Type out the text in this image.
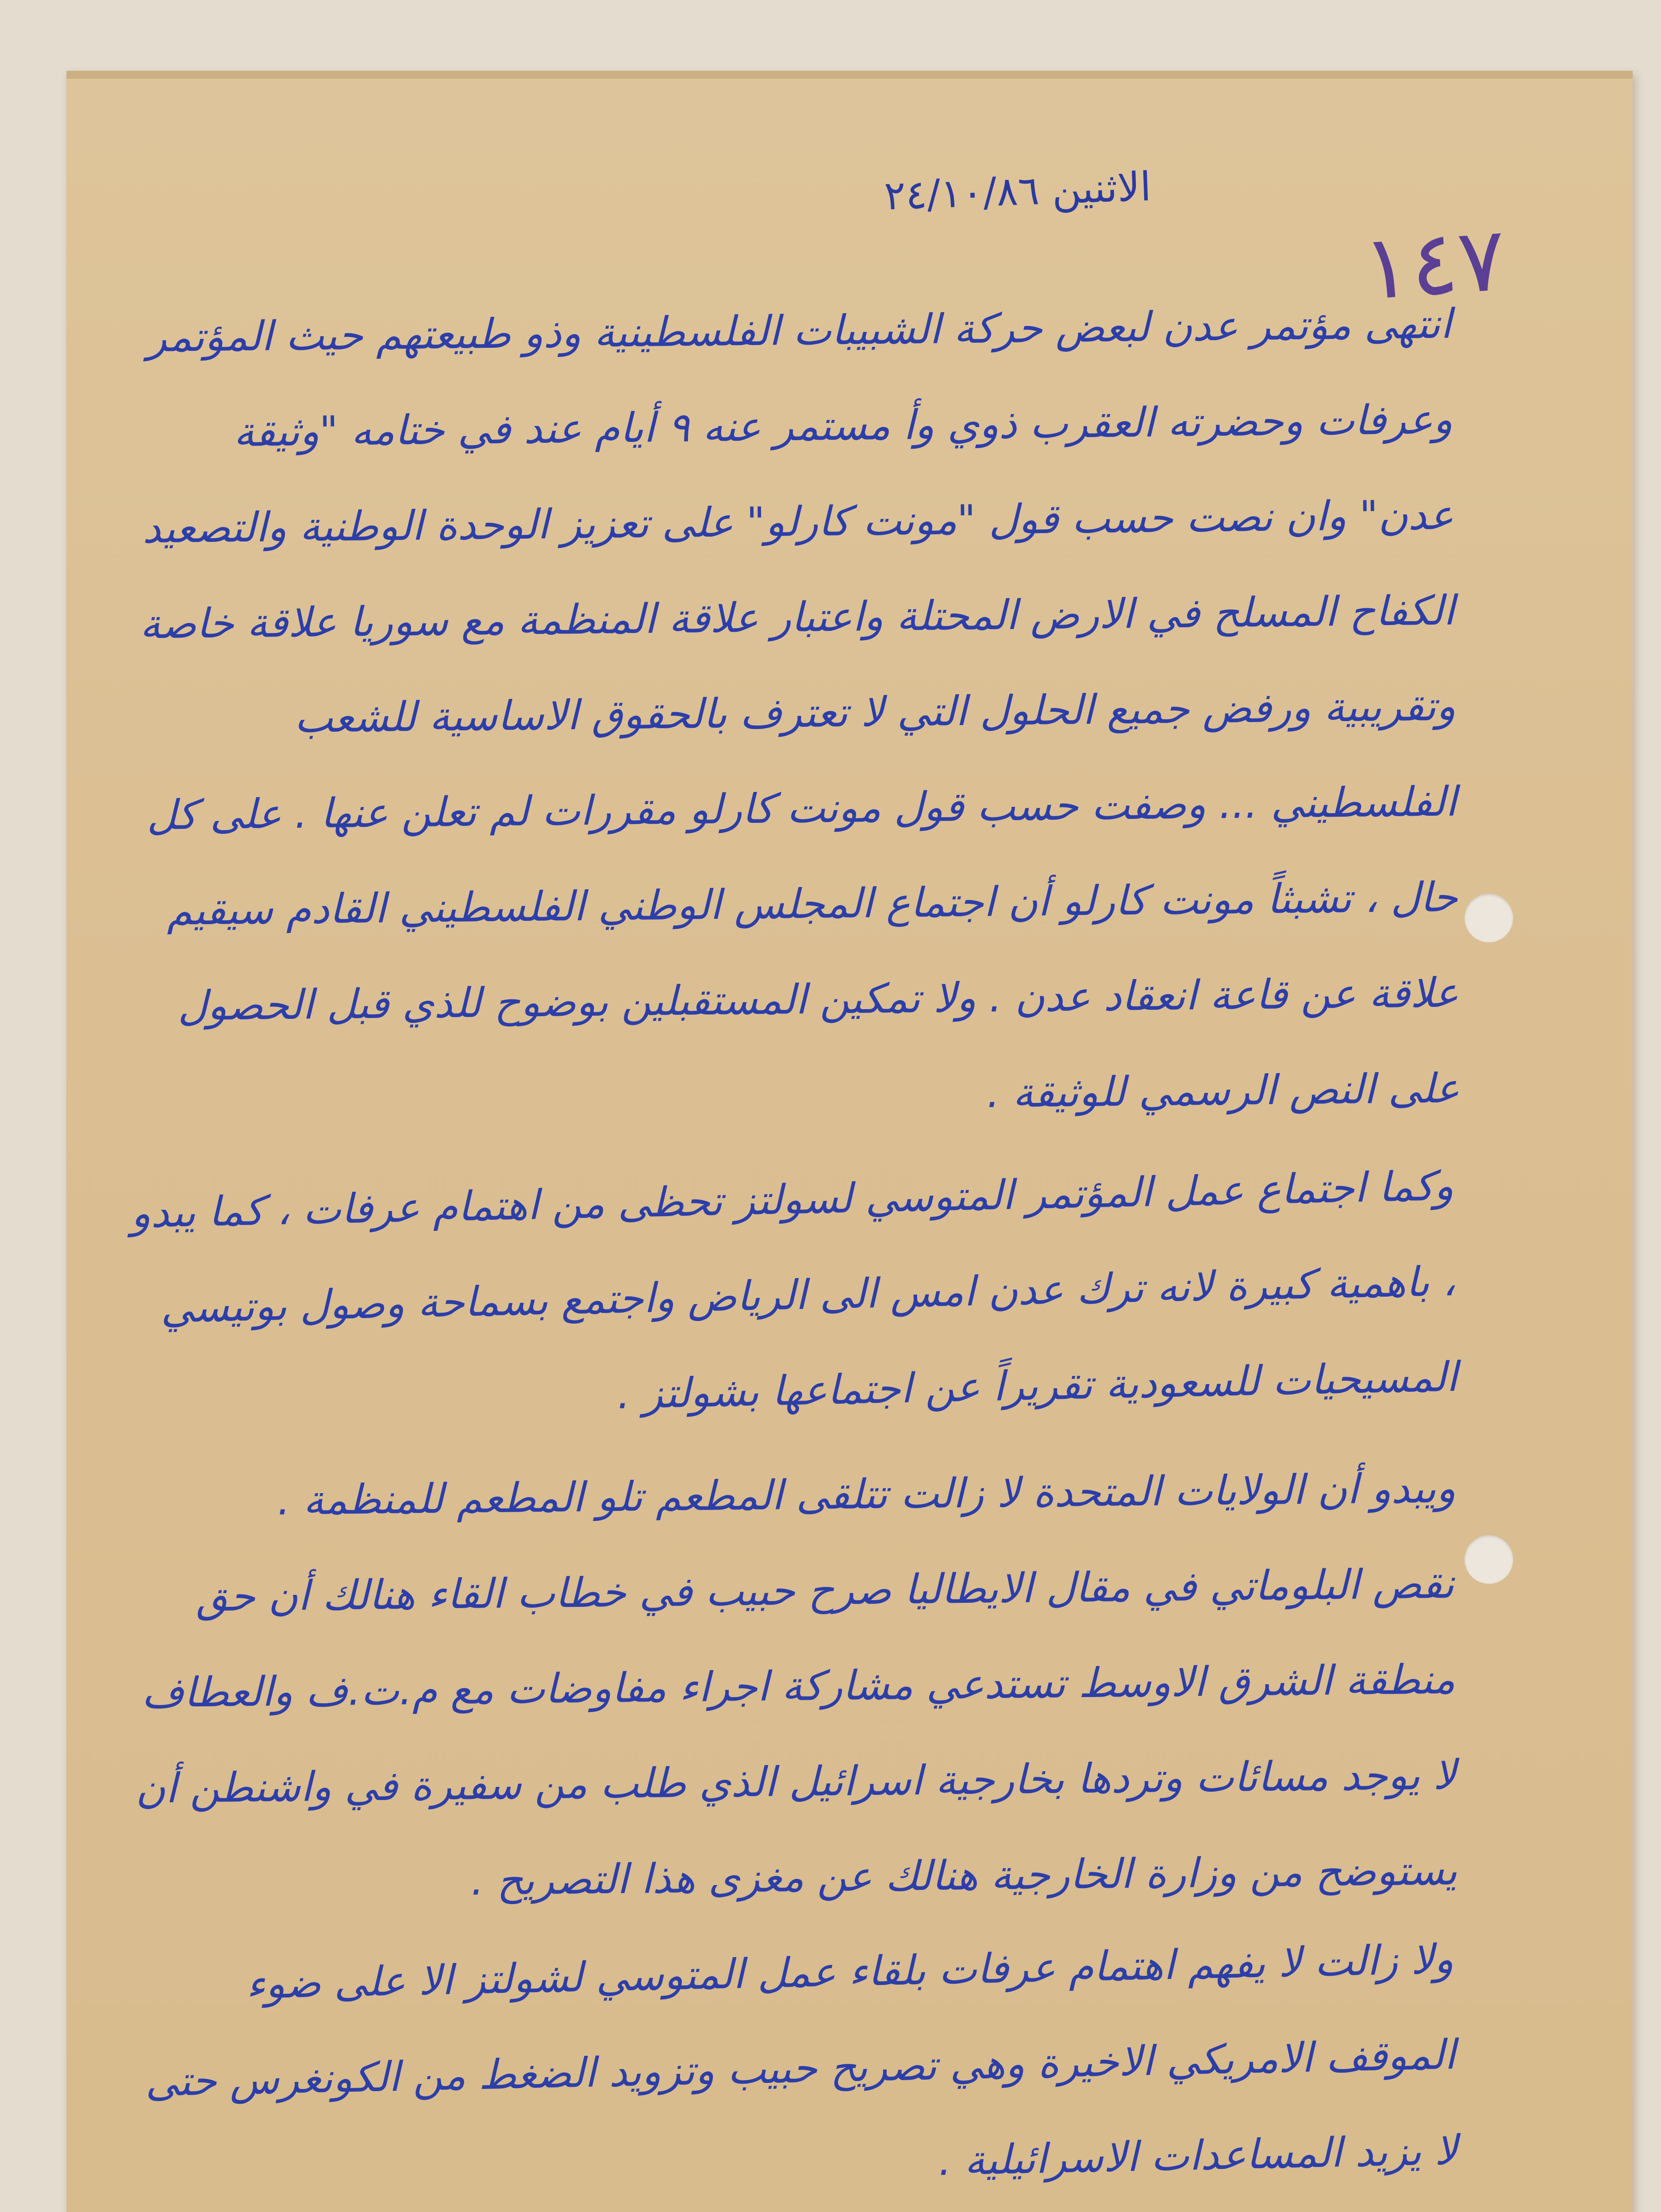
١٤٧
الاثنين ٢٤/١٠/٨٦

انتهى مؤتمر عدن لبعض حركة الشبيبات الفلسطينية وذو طبيعتهم حيث المؤتمر وعرفات وحضرته العقرب ذوي وأ مستمر عنه ٩ أيام عند في ختامه "وثيقة عدن" وان نصت حسب قول "مونت كارلو" على تعزيز الوحدة الوطنية والتصعيد الكفاح المسلح في الارض المحتلة واعتبار علاقة المنظمة مع سوريا علاقة خاصة وتقريبية ورفض جميع الحلول التي لا تعترف بالحقوق الاساسية للشعب الفلسطيني ... وصفت حسب قول مونت كارلو مقررات لم تعلن عنها . على كل حال ، تشبثاً مونت كارلو أن اجتماع المجلس الوطني الفلسطيني القادم سيقيم علاقة عن قاعة انعقاد عدن . ولا تمكين المستقبلين بوضوح للذي قبل الحصول على النص الرسمي للوثيقة .

وكما اجتماع عمل المؤتمر المتوسي لسولتز تحظى من اهتمام عرفات ، كما يبدو ، باهمية كبيرة لانه ترك عدن امس الى الرياض واجتمع بسماحة وصول بوتيسي المسيحيات للسعودية تقريراً عن اجتماعها بشولتز .

ويبدو أن الولايات المتحدة لا زالت تتلقى المطعم تلو المطعم للمنظمة .

نقص البلوماتي في مقال الايطاليا صرح حبيب في خطاب القاء هنالك أن حق منطقة الشرق الاوسط تستدعي مشاركة اجراء مفاوضات مع م.ت.ف والعطاف لا يوجد مسائات وتردها بخارجية اسرائيل الذي طلب من سفيرة في واشنطن أن يستوضح من وزارة الخارجية هنالك عن مغزى هذا التصريح .

ولا زالت لا يفهم اهتمام عرفات بلقاء عمل المتوسي لشولتز الا على ضوء الموقف الامريكي الاخيرة وهي تصريح حبيب وتزويد الضغط من الكونغرس حتى لا يزيد المساعدات الاسرائيلية .
